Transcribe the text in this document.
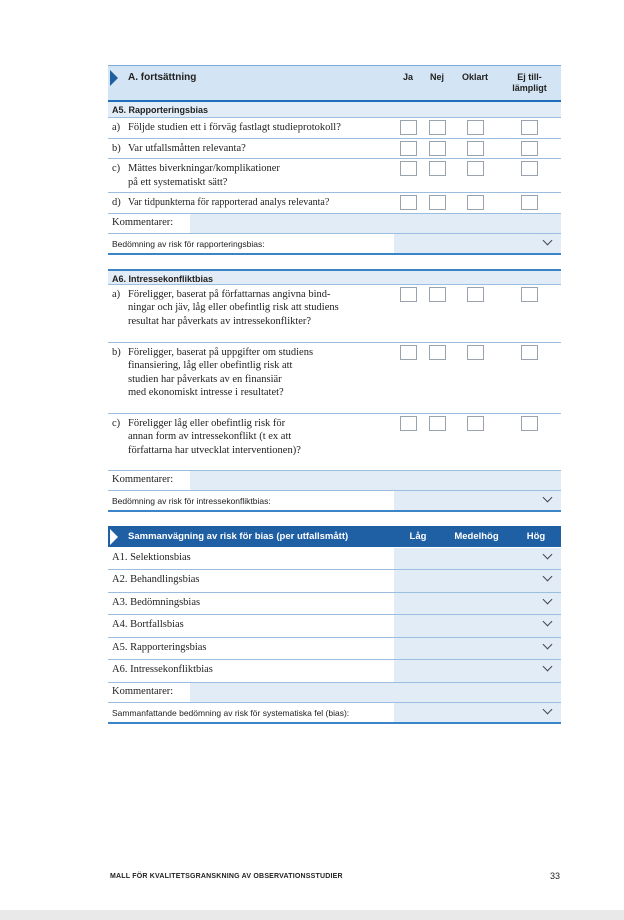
A. fortsättning	Ja	Nej	Oklart	Ej till-
lämpligt
A5. Rapporteringsbias
a) Följde studien ett i förväg fastlagt studieprotokoll?
b) Var utfallsmåtten relevanta?
c) Mättes biverkningar/komplikationer
på ett systematiskt sätt?
d) Var tidpunkterna för rapporterad analys relevanta?
Kommentarer:
Bedömning av risk för rapporteringsbias:
A6. Intressekonfliktbias
a) Föreligger, baserat på författarnas angivna bind-
ningar och jäv, låg eller obefintlig risk att studiens
resultat har påverkats av intressekonflikter?
b) Föreligger, baserat på uppgifter om studiens
finansiering, låg eller obefintlig risk att
studien har påverkats av en finansiär
med ekonomiskt intresse i resultatet?
c) Föreligger låg eller obefintlig risk för
annan form av intressekonflikt (t ex att
författarna har utvecklat interventionen)?
Kommentarer:
Bedömning av risk för intressekonfliktbias:
Sammanvägning av risk för bias (per utfallsmått)	Låg	Medelhög	Hög
A1. Selektionsbias
A2. Behandlingsbias
A3. Bedömningsbias
A4. Bortfallsbias
A5. Rapporteringsbias
A6. Intressekonfliktbias
Kommentarer:
Sammanfattande bedömning av risk för systematiska fel (bias):
MALL FÖR KVALITETSGRANSKNING AV OBSERVATIONSSTUDIER	33
